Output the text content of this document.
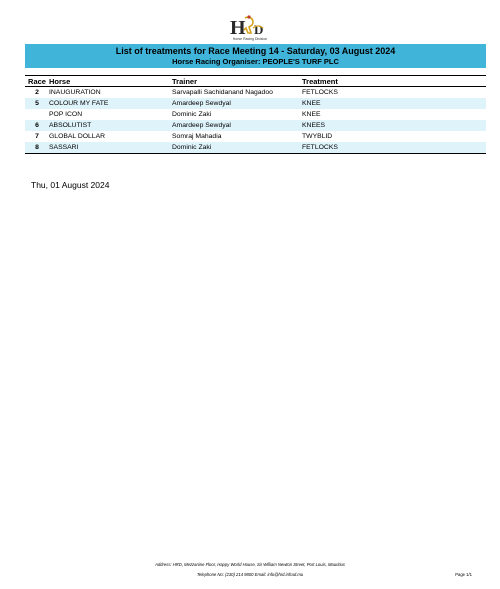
H D
Horse Racing Division
List of treatments for Race Meeting 14 - Saturday, 03 August 2024
Horse Racing Organiser: PEOPLE'S TURF PLC
Race	Horse	Trainer	Treatment
2	INAUGURATION	Sarvapalli Sachidanand Nagadoo	FETLOCKS
5	COLOUR MY FATE	Amardeep Sewdyal	KNEE
	POP ICON	Dominic Zaki	KNEE
6	ABSOLUTIST	Amardeep Sewdyal	KNEES
7	GLOBAL DOLLAR	Somraj Mahadia	TWYBLID
8	SASSARI	Dominic Zaki	FETLOCKS
Thu, 01 August 2024
Address: HRD, Mezzanine Floor, Happy World House, Sir William Newton Street, Port Louis, Mauritius
Telephone No: (230) 214 9800 Email: info@hrd.infrad.mu	Page 1/1
